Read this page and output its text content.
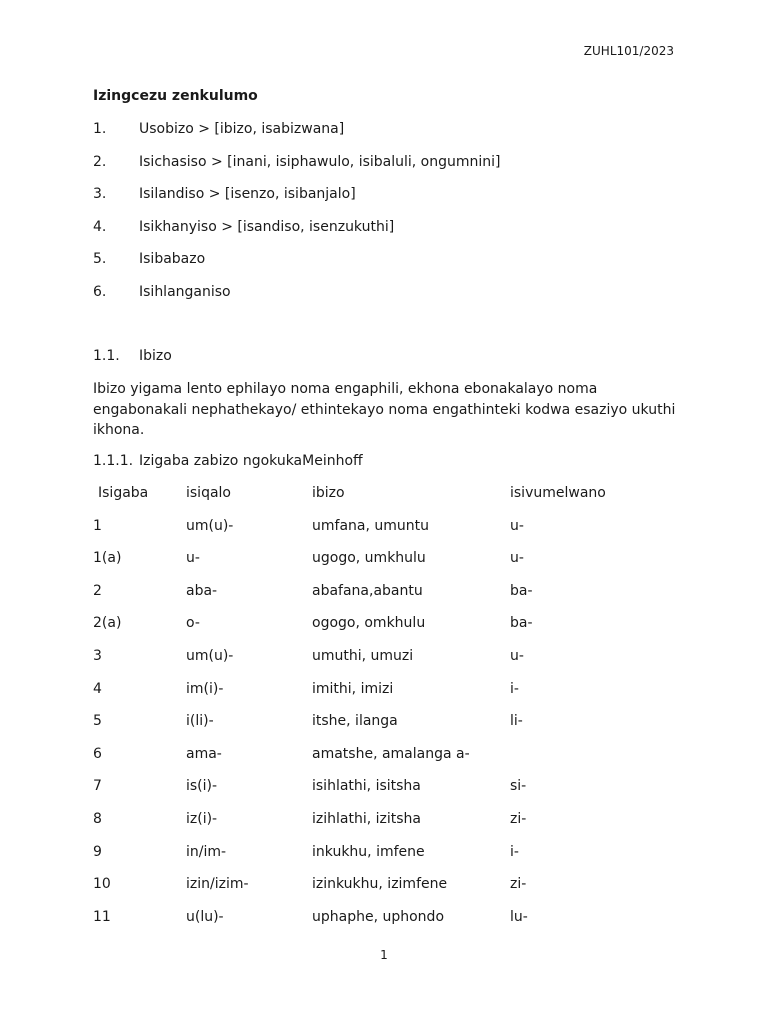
ZUHL101/2023
Izingcezu zenkulumo
1.	Usobizo > [ibizo, isabizwana]
2.	Isichasiso > [inani, isiphawulo, isibaluli, ongumnini]
3.	Isilandiso > [isenzo, isibanjalo]
4.	Isikhanyiso > [isandiso, isenzukuthi]
5.	Isibabazo
6.	Isihlanganiso
1.1. Ibizo
Ibizo yigama lento ephilayo noma engaphili, ekhona ebonakalayo noma engabonakali nephathekayo/ ethintekayo noma engathinteki kodwa esaziyo ukuthi ikhona.
1.1.1. Izigaba zabizo ngokukaMeinhoff
Isigaba	isiqalo	ibizo	isivumelwano
1	um(u)-	umfana, umuntu	u-
1(a)	u-	ugogo, umkhulu	u-
2	aba-	abafana,abantu	ba-
2(a)	o-	ogogo, omkhulu	ba-
3	um(u)-	umuthi, umuzi	u-
4	im(i)-	imithi, imizi	i-
5	i(li)-	itshe, ilanga	li-
6	ama-	amatshe, amalanga a-
7	is(i)-	isihlathi, isitsha	si-
8	iz(i)-	izihlathi, izitsha	zi-
9	in/im-	inkukhu, imfene	i-
10	izin/izim-	izinkukhu, izimfene	zi-
11	u(lu)-	uphaphe, uphondo	lu-
1
